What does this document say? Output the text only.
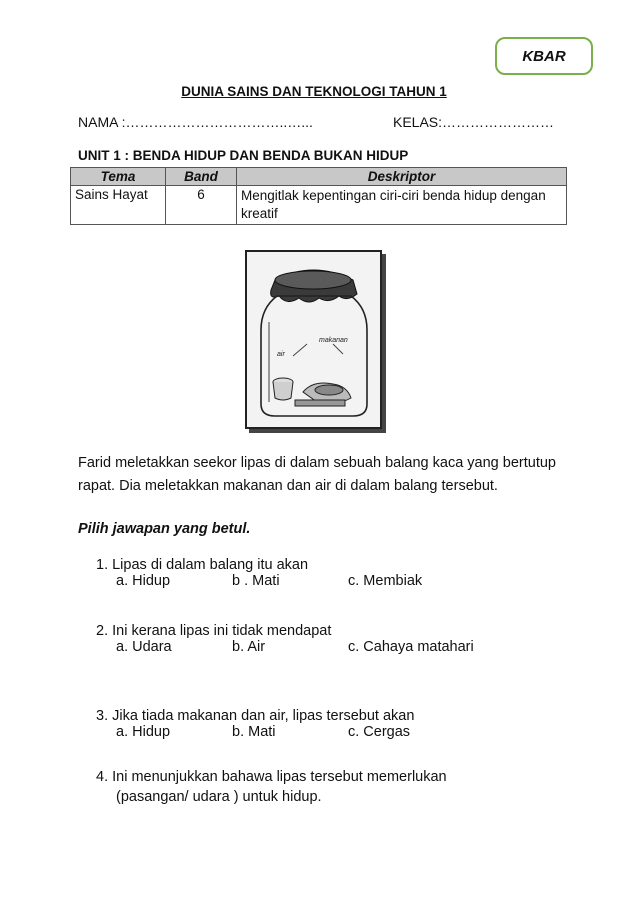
KBAR
DUNIA SAINS DAN TEKNOLOGI TAHUN 1
NAMA :……………………………..…...	KELAS:……………………
UNIT 1 : BENDA HIDUP DAN BENDA BUKAN HIDUP
Tema	Band	Deskriptor
Sains Hayat	6	Mengitlak kepentingan ciri-ciri benda hidup dengan kreatif
air
makanan
Farid meletakkan seekor lipas di dalam sebuah balang kaca yang bertutup rapat. Dia meletakkan makanan dan air di dalam balang tersebut.
Pilih jawapan yang betul.
1. Lipas di dalam balang itu akan
a. Hidup	b . Mati	c. Membiak
2. Ini kerana lipas ini tidak mendapat
a. Udara	b. Air	c. Cahaya matahari
3. Jika tiada makanan dan air, lipas tersebut akan
a. Hidup	b. Mati	c. Cergas
4. Ini menunjukkan bahawa lipas tersebut memerlukan
(pasangan/ udara ) untuk hidup.
